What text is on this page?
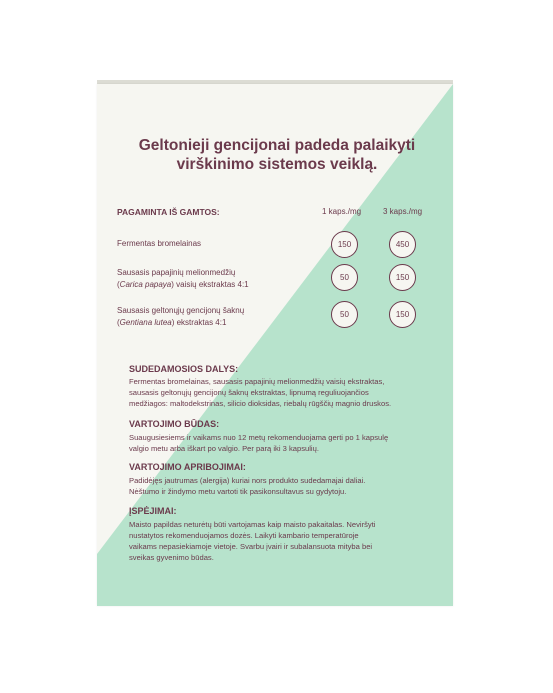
Geltonieji gencijonai padeda palaikyti
virškinimo sistemos veiklą.
PAGAMINTA IŠ GAMTOS:	1 kaps./mg	3 kaps./mg
Fermentas bromelainas	150	450
Sausasis papajinių melionmedžių
(Carica papaya) vaisių ekstraktas 4:1
50	150
Sausasis geltonųjų gencijonų šaknų
(Gentiana lutea) ekstraktas 4:1
50	150
SUDEDAMOSIOS DALYS:
Fermentas bromelainas, sausasis papajinių melionmedžių vaisių ekstraktas,
sausasis geltonųjų gencijonų šaknų ekstraktas, lipnumą reguliuojančios
medžiagos: maltodekstrinas, silicio dioksidas, riebalų rūgščių magnio druskos.
VARTOJIMO BŪDAS:
Suaugusiesiems ir vaikams nuo 12 metų rekomenduojama gerti po 1 kapsulę
valgio metu arba iškart po valgio. Per parą iki 3 kapsulių.
VARTOJIMO APRIBOJIMAI:
Padidėjęs jautrumas (alergija) kuriai nors produkto sudedamajai daliai.
Nėštumo ir žindymo metu vartoti tik pasikonsultavus su gydytoju.
ĮSPĖJIMAI:
Maisto papildas neturėtų būti vartojamas kaip maisto pakaitalas. Neviršyti
nustatytos rekomenduojamos dozės. Laikyti kambario temperatūroje
vaikams nepasiekiamoje vietoje. Svarbu įvairi ir subalansuota mityba bei
sveikas gyvenimo būdas.
